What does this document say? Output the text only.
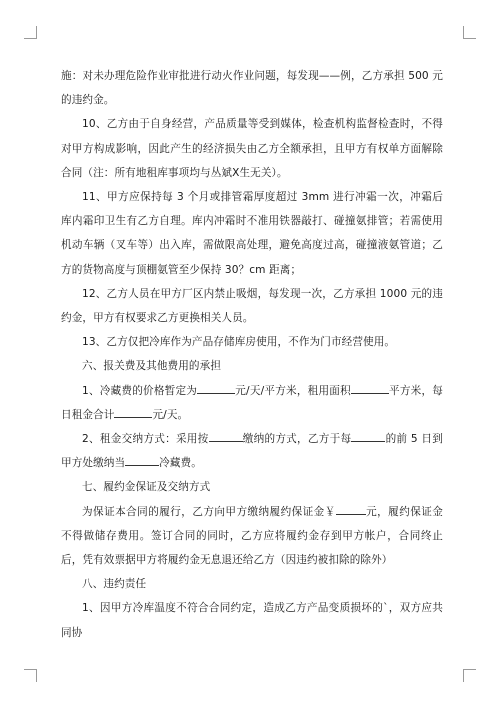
施：对未办理危险作业审批进行动火作业问题，每发现——例，乙方承担 500 元的违约金。

10、乙方由于自身经营，产品质量等受到媒体，检查机构监督检查时，不得对甲方构成影响，因此产生的经济损失由乙方全额承担，且甲方有权单方面解除合同（注：所有地租库事项均与丛斌X生无关）。

11、甲方应保持每 3 个月或排管霜厚度超过 3mm 进行冲霜一次，冲霜后库内霜印卫生有乙方自理。库内冲霜时不准用铁器敲打、碰撞氨排管；若需使用机动车辆（叉车等）出入库，需做限高处理，避免高度过高，碰撞液氨管道；乙方的货物高度与顶棚氨管至少保持 30？cm 距离；

12、乙方人员在甲方厂区内禁止吸烟，每发现一次，乙方承担 1000 元的违约金，甲方有权要求乙方更换相关人员。

13、乙方仅把冷库作为产品存储库房使用，不作为门市经营使用。

六、报关费及其他费用的承担

1、冷藏费的价格暂定为	元/天/平方米，租用面积	平方米，每日租金合计	元/天。

2、租金交纳方式：采用按	缴纳的方式，乙方于每	的前 5 日到甲方处缴纳当	冷藏费。

七、履约金保证及交纳方式

为保证本合同的履行，乙方向甲方缴纳履约保证金￥	元，履约保证金不得做储存费用。签订合同的同时，乙方应将履约金存到甲方帐户，合同终止后，凭有效票据甲方将履约金无息退还给乙方（因违约被扣除的除外）

八、违约责任

1、因甲方冷库温度不符合合同约定，造成乙方产品变质损坏的`，双方应共同协
